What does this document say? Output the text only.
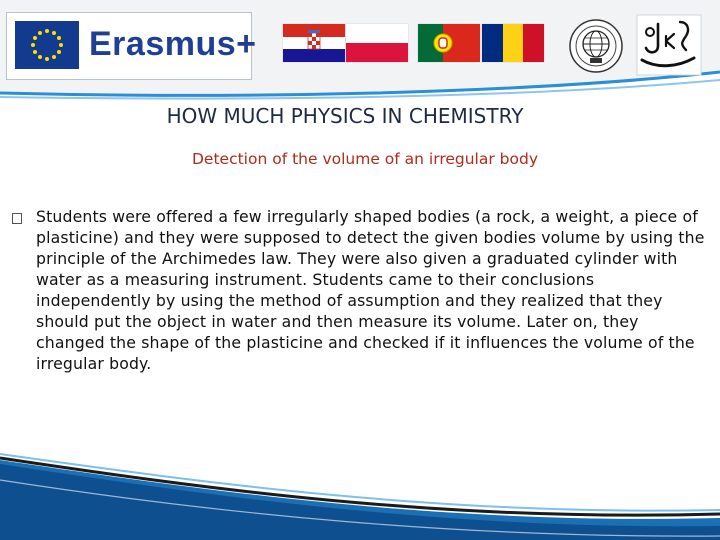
Erasmus+
HOW MUCH PHYSICS IN CHEMISTRY
Detection of the volume of an irregular body
Students were offered a few irregularly shaped bodies (a rock, a weight, a piece of plasticine) and they were supposed to detect the given bodies volume by using the principle of the Archimedes law. They were also given a graduated cylinder with water as a measuring instrument. Students came to their conclusions independently by using the method of assumption and they realized that they should put the object in water and then measure its volume. Later on, they changed the shape of the plasticine and checked if it influences the volume of the irregular body.
